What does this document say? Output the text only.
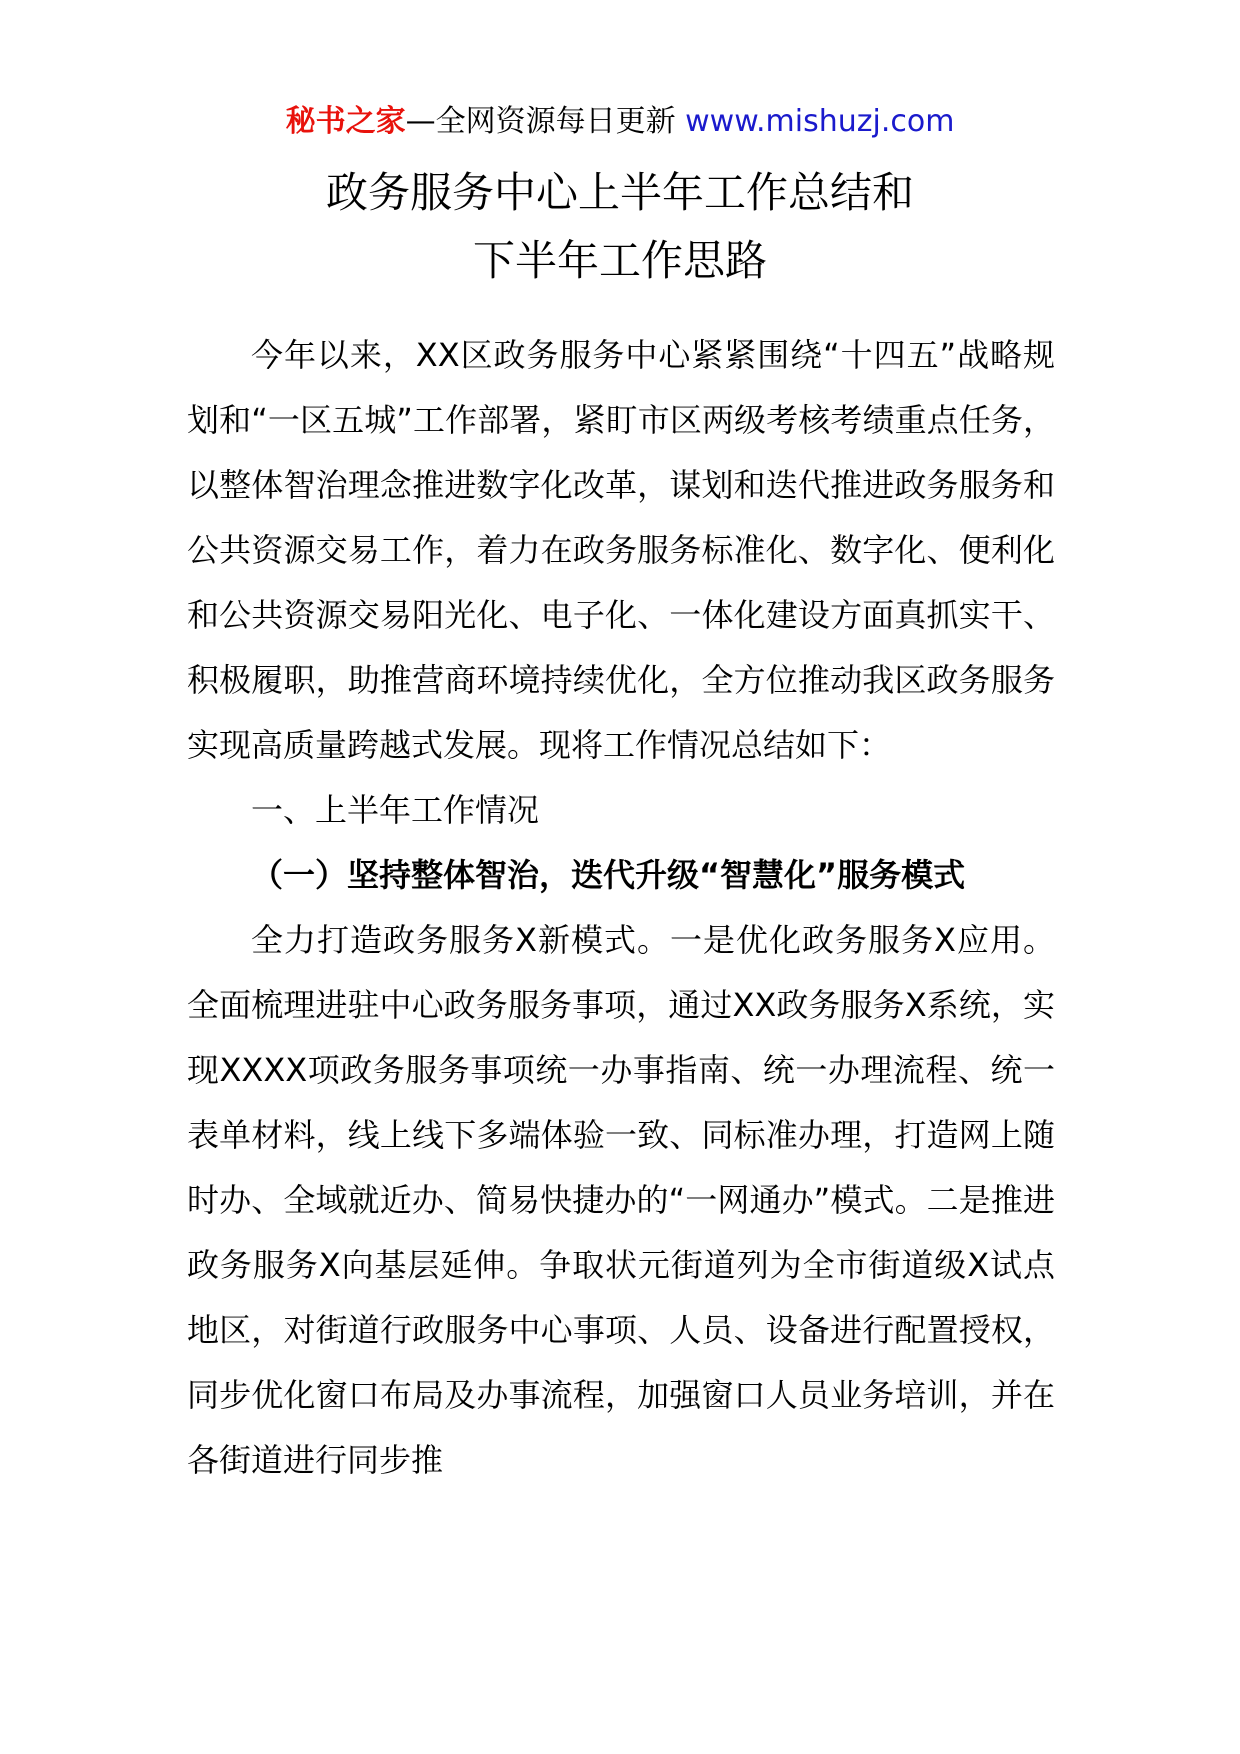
秘书之家—全网资源每日更新 www.mishuzj.com
政务服务中心上半年工作总结和
下半年工作思路

今年以来，XX区政务服务中心紧紧围绕“十四五”战略规划和“一区五城”工作部署，紧盯市区两级考核考绩重点任务，以整体智治理念推进数字化改革，谋划和迭代推进政务服务和公共资源交易工作，着力在政务服务标准化、数字化、便利化和公共资源交易阳光化、电子化、一体化建设方面真抓实干、积极履职，助推营商环境持续优化，全方位推动我区政务服务实现高质量跨越式发展。现将工作情况总结如下：

一、上半年工作情况

（一）坚持整体智治，迭代升级“智慧化”服务模式

全力打造政务服务X新模式。一是优化政务服务X应用。全面梳理进驻中心政务服务事项，通过XX政务服务X系统，实现XXXX项政务服务事项统一办事指南、统一办理流程、统一表单材料，线上线下多端体验一致、同标准办理，打造网上随时办、全域就近办、简易快捷办的“一网通办”模式。二是推进政务服务X向基层延伸。争取状元街道列为全市街道级X试点地区，对街道行政服务中心事项、人员、设备进行配置授权，同步优化窗口布局及办事流程，加强窗口人员业务培训，并在各街道进行同步推
